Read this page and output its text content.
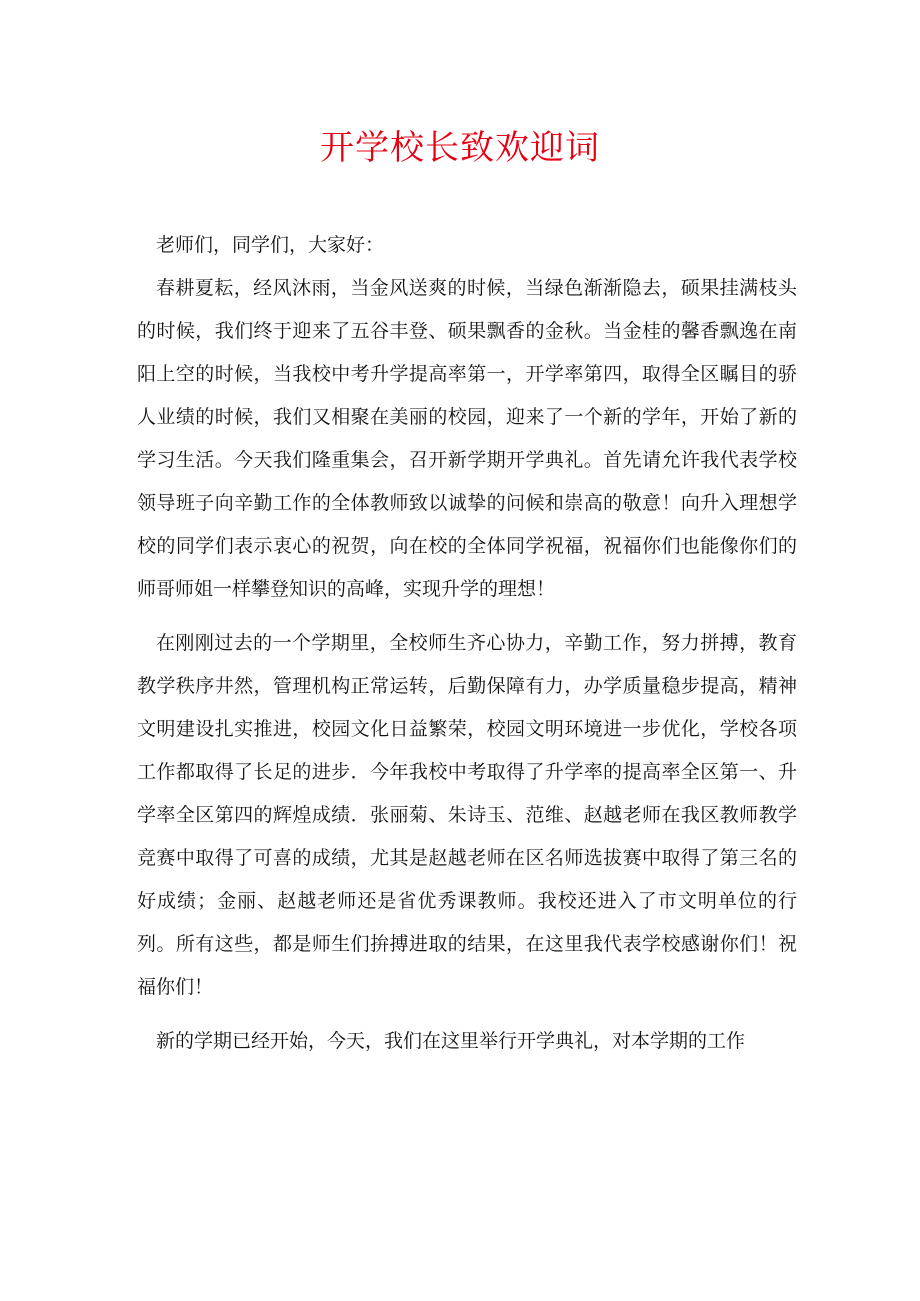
开学校长致欢迎词

老师们，同学们，大家好：

春耕夏耘，经风沐雨，当金风送爽的时候，当绿色渐渐隐去，硕果挂满枝头的时候，我们终于迎来了五谷丰登、硕果飘香的金秋。当金桂的馨香飘逸在南阳上空的时候，当我校中考升学提高率第一，开学率第四，取得全区瞩目的骄人业绩的时候，我们又相聚在美丽的校园，迎来了一个新的学年，开始了新的学习生活。今天我们隆重集会，召开新学期开学典礼。首先请允许我代表学校领导班子向辛勤工作的全体教师致以诚挚的问候和崇高的敬意！向升入理想学校的同学们表示衷心的祝贺，向在校的全体同学祝福，祝福你们也能像你们的师哥师姐一样攀登知识的高峰，实现升学的理想！

在刚刚过去的一个学期里，全校师生齐心协力，辛勤工作，努力拼搏，教育教学秩序井然，管理机构正常运转，后勤保障有力，办学质量稳步提高，精神文明建设扎实推进，校园文化日益繁荣，校园文明环境进一步优化，学校各项工作都取得了长足的进步．今年我校中考取得了升学率的提高率全区第一、升学率全区第四的辉煌成绩．张丽菊、朱诗玉、范维、赵越老师在我区教师教学竞赛中取得了可喜的成绩，尤其是赵越老师在区名师选拔赛中取得了第三名的好成绩；金丽、赵越老师还是省优秀课教师。我校还进入了市文明单位的行列。所有这些，都是师生们拚搏进取的结果，在这里我代表学校感谢你们！祝福你们！

新的学期已经开始，今天，我们在这里举行开学典礼，对本学期的工作
